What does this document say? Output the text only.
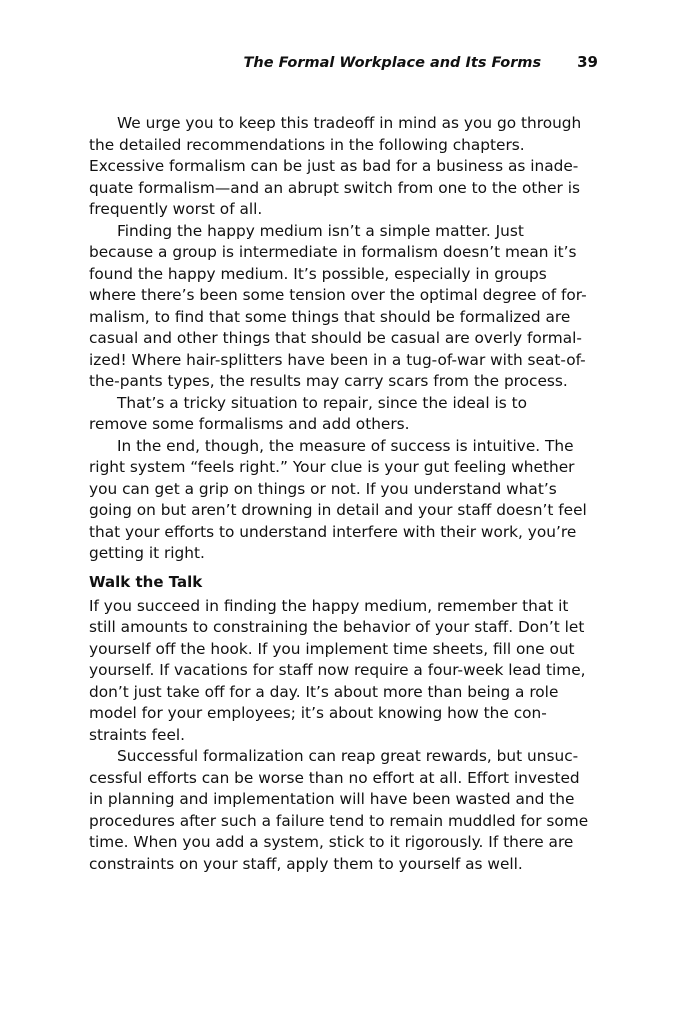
The Formal Workplace and Its Forms 39

We urge you to keep this tradeoff in mind as you go through
the detailed recommendations in the following chapters.
Excessive formalism can be just as bad for a business as inade-
quate formalism—and an abrupt switch from one to the other is
frequently worst of all.

Finding the happy medium isn’t a simple matter. Just
because a group is intermediate in formalism doesn’t mean it’s
found the happy medium. It’s possible, especially in groups
where there’s been some tension over the optimal degree of for-
malism, to find that some things that should be formalized are
casual and other things that should be casual are overly formal-
ized! Where hair-splitters have been in a tug-of-war with seat-of-
the-pants types, the results may carry scars from the process.

That’s a tricky situation to repair, since the ideal is to
remove some formalisms and add others.

In the end, though, the measure of success is intuitive. The
right system “feels right.” Your clue is your gut feeling whether
you can get a grip on things or not. If you understand what’s
going on but aren’t drowning in detail and your staff doesn’t feel
that your efforts to understand interfere with their work, you’re
getting it right.

Walk the Talk

If you succeed in finding the happy medium, remember that it
still amounts to constraining the behavior of your staff. Don’t let
yourself off the hook. If you implement time sheets, fill one out
yourself. If vacations for staff now require a four-week lead time,
don’t just take off for a day. It’s about more than being a role
model for your employees; it’s about knowing how the con-
straints feel.

Successful formalization can reap great rewards, but unsuc-
cessful efforts can be worse than no effort at all. Effort invested
in planning and implementation will have been wasted and the
procedures after such a failure tend to remain muddled for some
time. When you add a system, stick to it rigorously. If there are
constraints on your staff, apply them to yourself as well.
